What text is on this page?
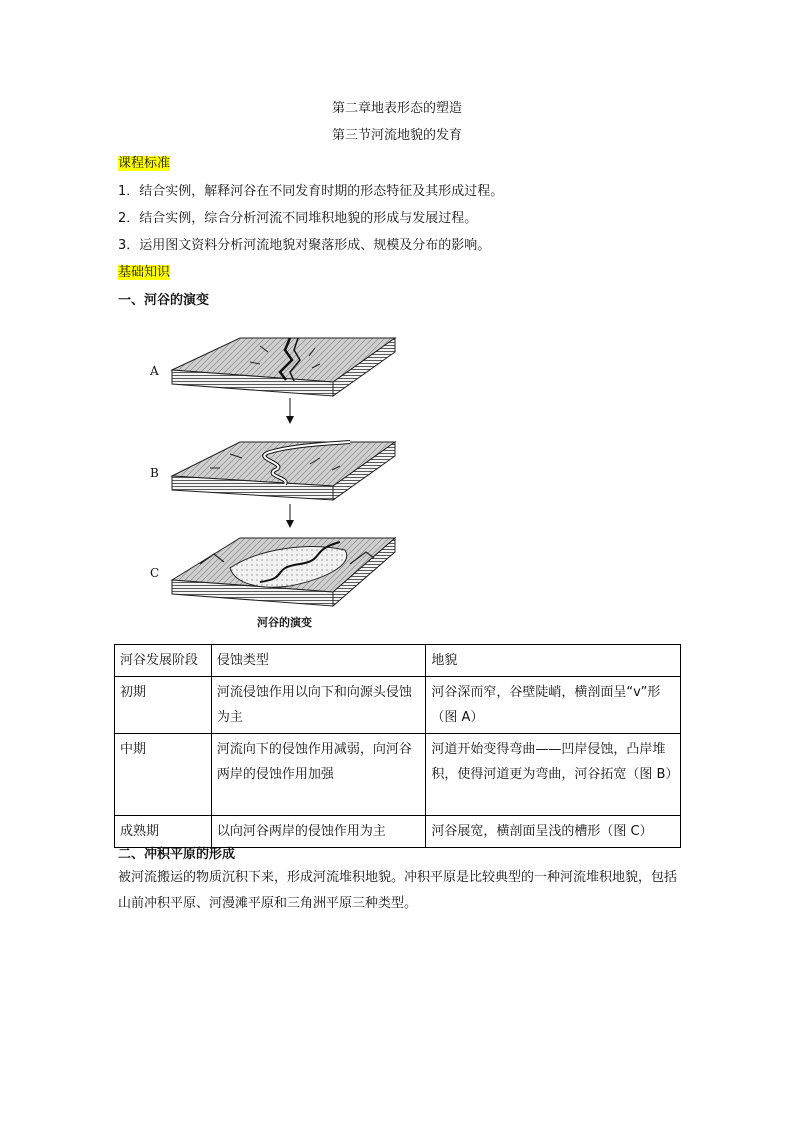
第二章地表形态的塑造
第三节河流地貌的发育
课程标准
1．结合实例，解释河谷在不同发育时期的形态特征及其形成过程。
2．结合实例，综合分析河流不同堆积地貌的形成与发展过程。
3．运用图文资料分析河流地貌对聚落形成、规模及分布的影响。
基础知识
一、河谷的演变
A
B
C
河谷的演变
河谷发展阶段	侵蚀类型	地貌
初期	河流侵蚀作用以向下和向源头侵蚀为主	河谷深而窄，谷壁陡峭，横剖面呈“v”形（图 A）
中期	河流向下的侵蚀作用减弱，向河谷两岸的侵蚀作用加强	河道开始变得弯曲——凹岸侵蚀，凸岸堆积，使得河道更为弯曲，河谷拓宽（图 B）
成熟期	以向河谷两岸的侵蚀作用为主	河谷展宽，横剖面呈浅的槽形（图 C）
二、冲积平原的形成
被河流搬运的物质沉积下来，形成河流堆积地貌。冲积平原是比较典型的一种河流堆积地貌，包括山前冲积平原、河漫滩平原和三角洲平原三种类型。
